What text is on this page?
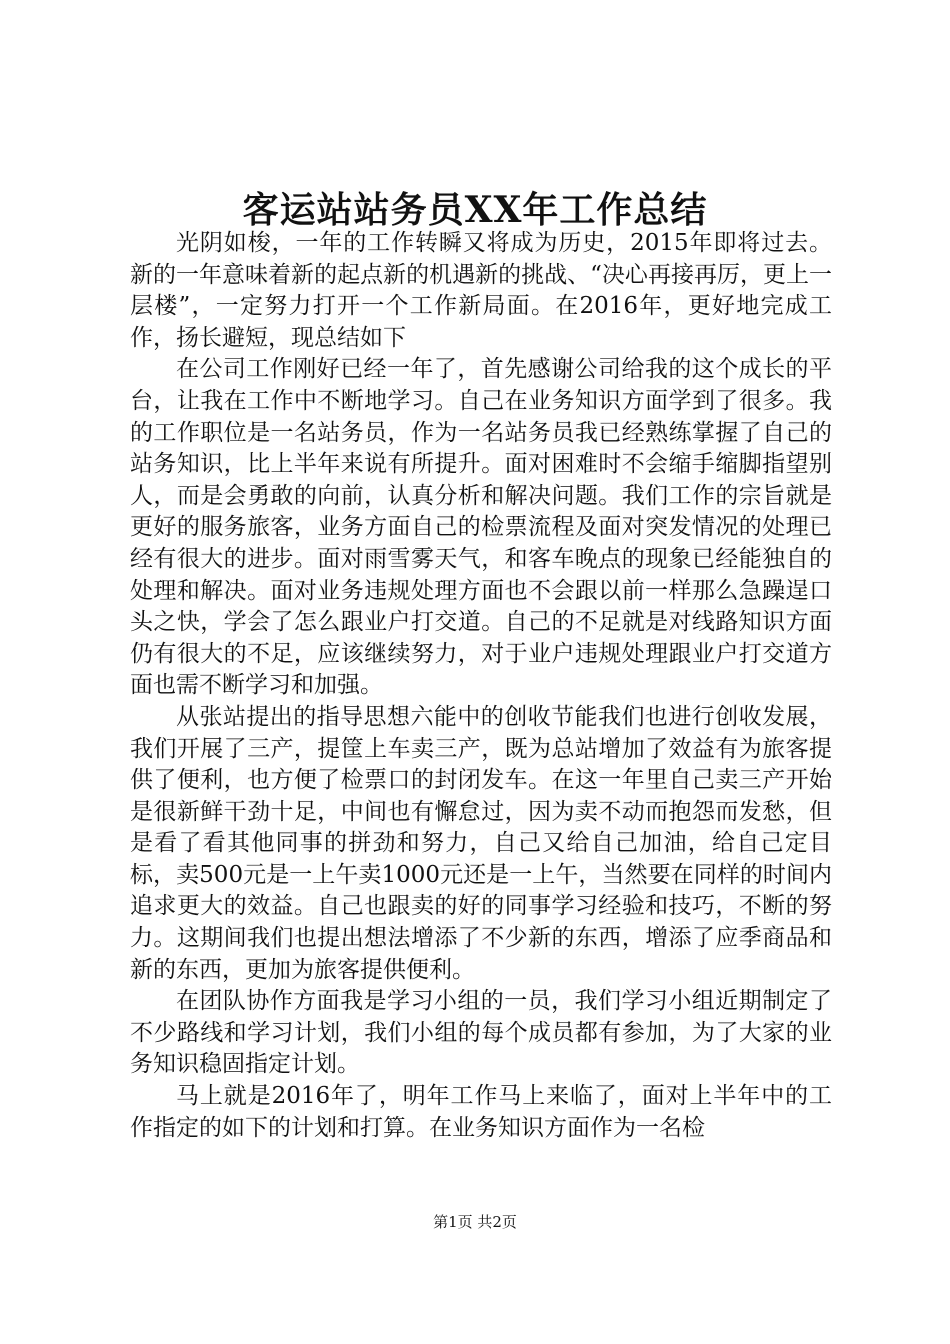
客运站站务员XX年工作总结

光阴如梭，一年的工作转瞬又将成为历史，2015年即将过去。新的一年意味着新的起点新的机遇新的挑战、“决心再接再厉，更上一层楼”，一定努力打开一个工作新局面。在2016年，更好地完成工作，扬长避短，现总结如下

在公司工作刚好已经一年了，首先感谢公司给我的这个成长的平台，让我在工作中不断地学习。自己在业务知识方面学到了很多。我的工作职位是一名站务员，作为一名站务员我已经熟练掌握了自己的站务知识，比上半年来说有所提升。面对困难时不会缩手缩脚指望别人，而是会勇敢的向前，认真分析和解决问题。我们工作的宗旨就是更好的服务旅客，业务方面自己的检票流程及面对突发情况的处理已经有很大的进步。面对雨雪雾天气，和客车晚点的现象已经能独自的处理和解决。面对业务违规处理方面也不会跟以前一样那么急躁逞口头之快，学会了怎么跟业户打交道。自己的不足就是对线路知识方面仍有很大的不足，应该继续努力，对于业户违规处理跟业户打交道方面也需不断学习和加强。

从张站提出的指导思想六能中的创收节能我们也进行创收发展，我们开展了三产，提筐上车卖三产，既为总站增加了效益有为旅客提供了便利，也方便了检票口的封闭发车。在这一年里自己卖三产开始是很新鲜干劲十足，中间也有懈怠过，因为卖不动而抱怨而发愁，但是看了看其他同事的拼劲和努力，自己又给自己加油，给自己定目标，卖500元是一上午卖1000元还是一上午，当然要在同样的时间内追求更大的效益。自己也跟卖的好的同事学习经验和技巧，不断的努力。这期间我们也提出想法增添了不少新的东西，增添了应季商品和新的东西，更加为旅客提供便利。

在团队协作方面我是学习小组的一员，我们学习小组近期制定了不少路线和学习计划，我们小组的每个成员都有参加，为了大家的业务知识稳固指定计划。

马上就是2016年了，明年工作马上来临了，面对上半年中的工作指定的如下的计划和打算。在业务知识方面作为一名检

第1页 共2页
